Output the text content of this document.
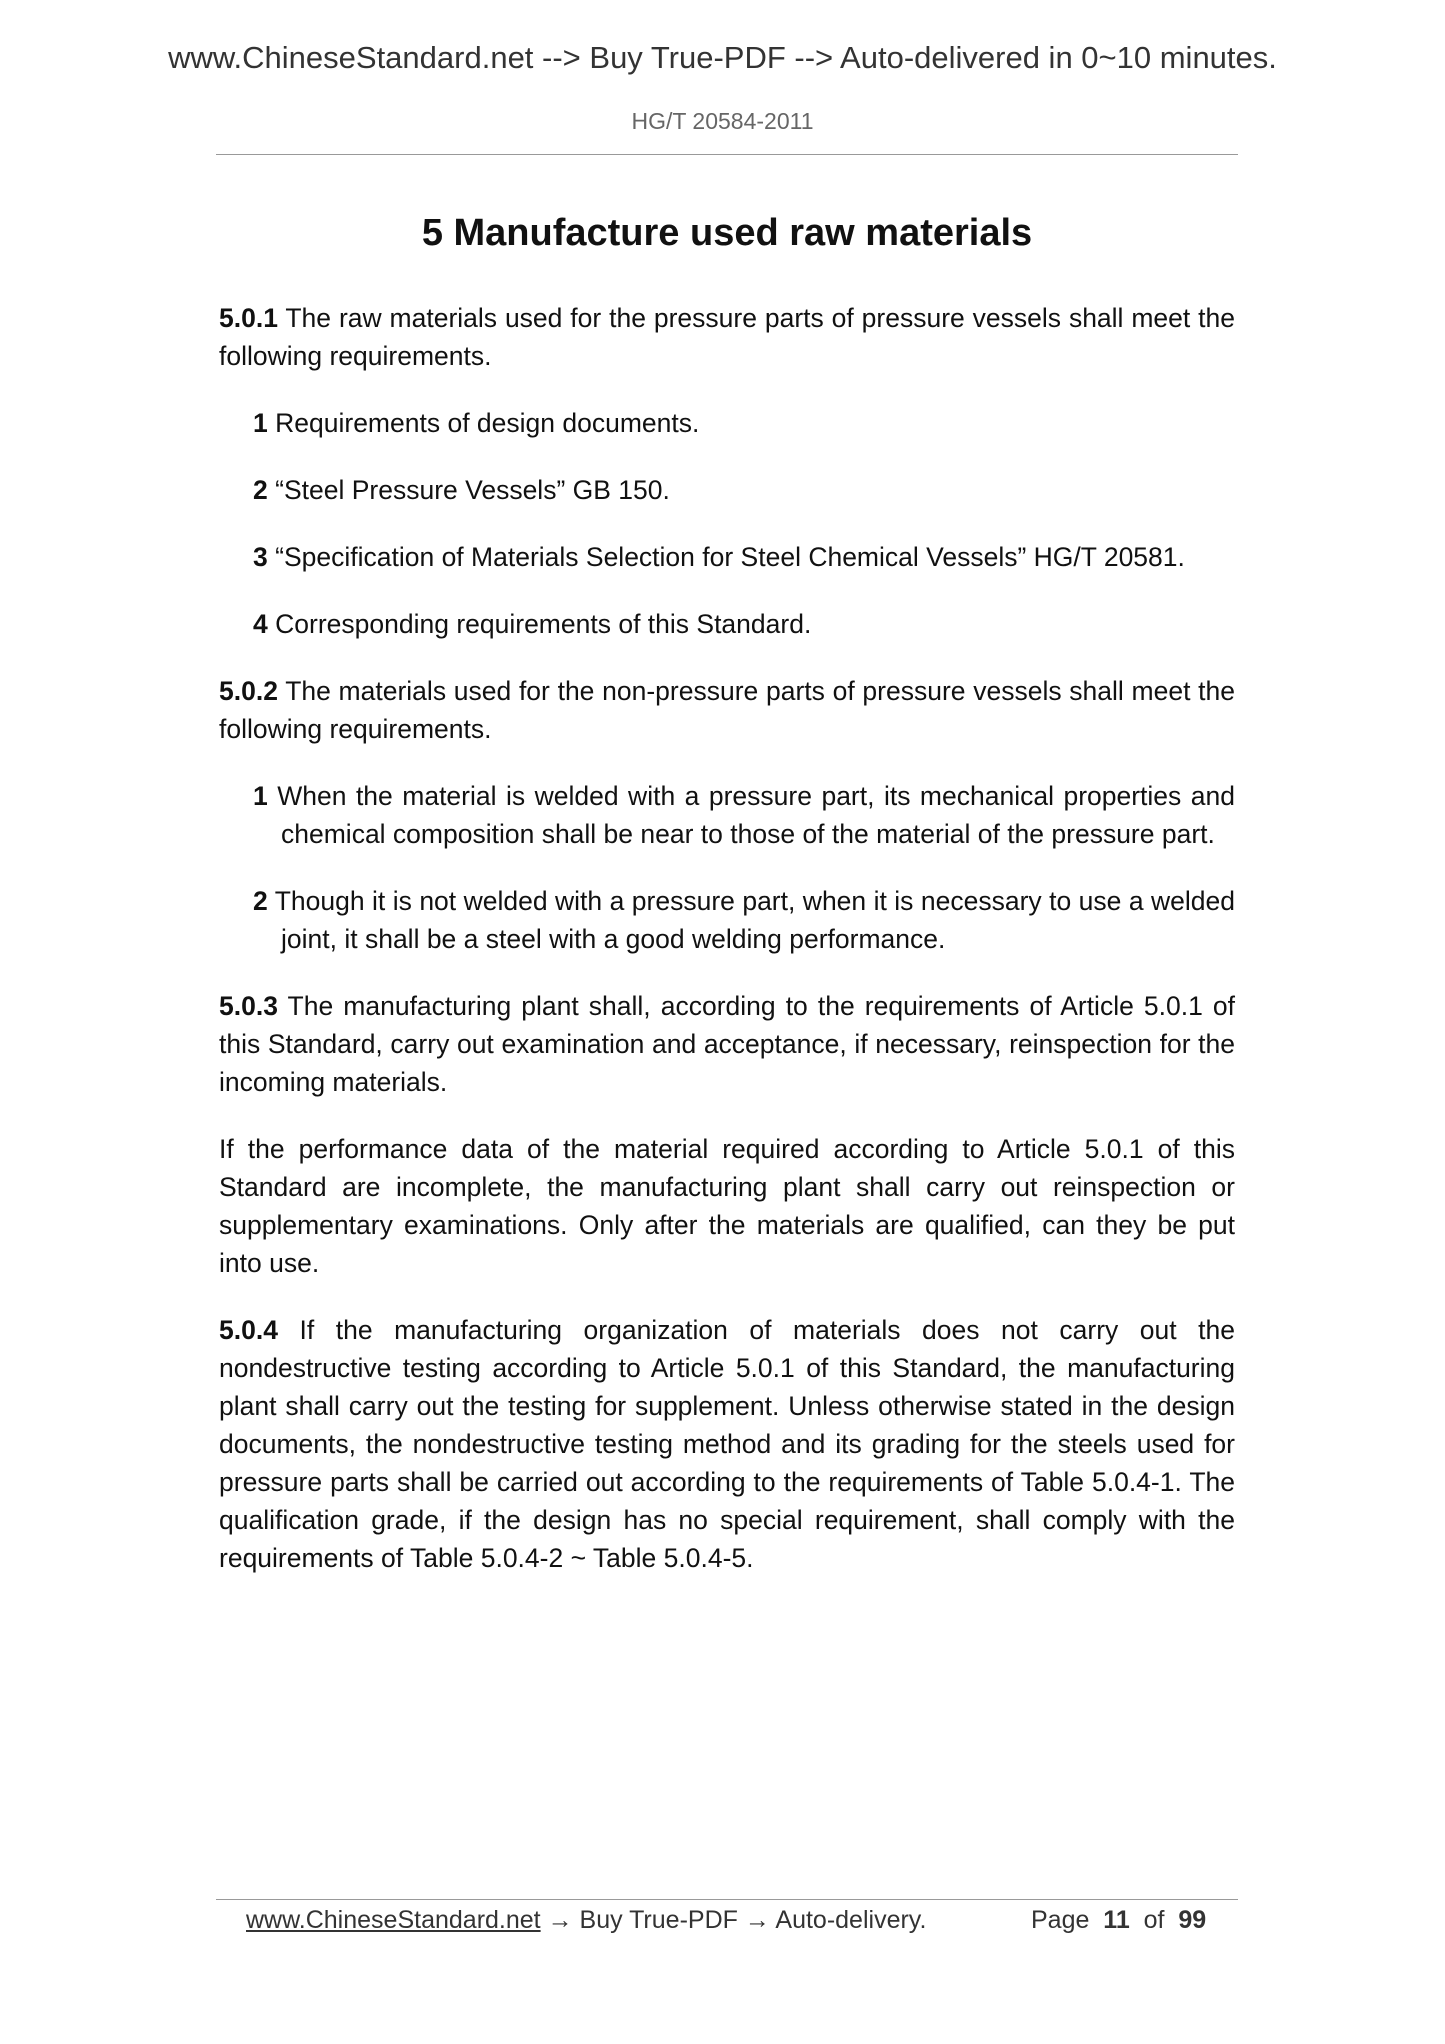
www.ChineseStandard.net --> Buy True-PDF --> Auto-delivered in 0~10 minutes.
HG/T 20584-2011
5 Manufacture used raw materials

5.0.1 The raw materials used for the pressure parts of pressure vessels shall meet the following requirements.

1 Requirements of design documents.

2 “Steel Pressure Vessels” GB 150.

3 “Specification of Materials Selection for Steel Chemical Vessels” HG/T 20581.

4 Corresponding requirements of this Standard.

5.0.2 The materials used for the non-pressure parts of pressure vessels shall meet the following requirements.

1 When the material is welded with a pressure part, its mechanical properties and chemical composition shall be near to those of the material of the pressure part.

2 Though it is not welded with a pressure part, when it is necessary to use a welded joint, it shall be a steel with a good welding performance.

5.0.3 The manufacturing plant shall, according to the requirements of Article 5.0.1 of this Standard, carry out examination and acceptance, if necessary, reinspection for the incoming materials.

If the performance data of the material required according to Article 5.0.1 of this Standard are incomplete, the manufacturing plant shall carry out reinspection or supplementary examinations. Only after the materials are qualified, can they be put into use.

5.0.4 If the manufacturing organization of materials does not carry out the nondestructive testing according to Article 5.0.1 of this Standard, the manufacturing plant shall carry out the testing for supplement. Unless otherwise stated in the design documents, the nondestructive testing method and its grading for the steels used for pressure parts shall be carried out according to the requirements of Table 5.0.4-1. The qualification grade, if the design has no special requirement, shall comply with the requirements of Table 5.0.4-2 ~ Table 5.0.4-5.

www.ChineseStandard.net → Buy True-PDF → Auto-delivery.	Page 11 of 99
